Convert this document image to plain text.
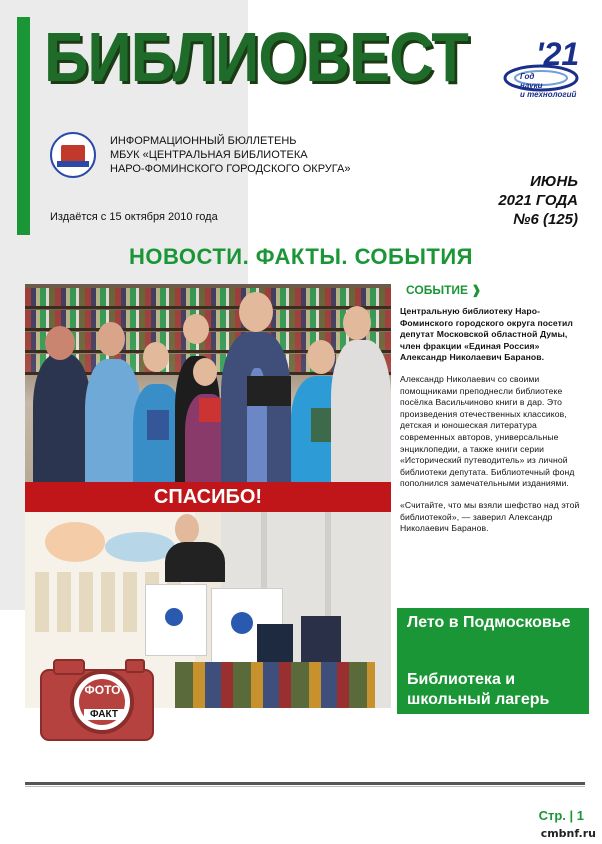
БИБЛИОВЕСТ '21
Год
науки
и технологий
ИНФОРМАЦИОННЫЙ БЮЛЛЕТЕНЬ
МБУК «ЦЕНТРАЛЬНАЯ БИБЛИОТЕКА
НАРО-ФОМИНСКОГО ГОРОДСКОГО ОКРУГА»
Издаётся с 15 октября 2010 года
ИЮНЬ
2021 ГОДА
№6 (125)
НОВОСТИ. ФАКТЫ. СОБЫТИЯ
СПАСИБО!
ФОТО
ФАКТ
СОБЫТИЕ ❱

Центральную библиотеку Наро-Фоминского городского округа посетил депутат Московской областной Думы, член фракции «Единая Россия» Александр Николаевич Баранов.

Александр Николаевич со своими помощниками преподнесли библиотеке посёлка Васильчиново книги в дар. Это произведения отечественных классиков, детская и юношеская литература современных авторов, универсальные энциклопедии, а также книги серии «Исторический путеводитель» из личной библиотеки депутата. Библиотечный фонд пополнился замечательными изданиями.

«Считайте, что мы взяли шефство над этой библиотекой», — заверил Александр Николаевич Баранов.

Лето в Подмосковье
Библиотека и школьный лагерь
Стр. | 1
cmbnf.ru
